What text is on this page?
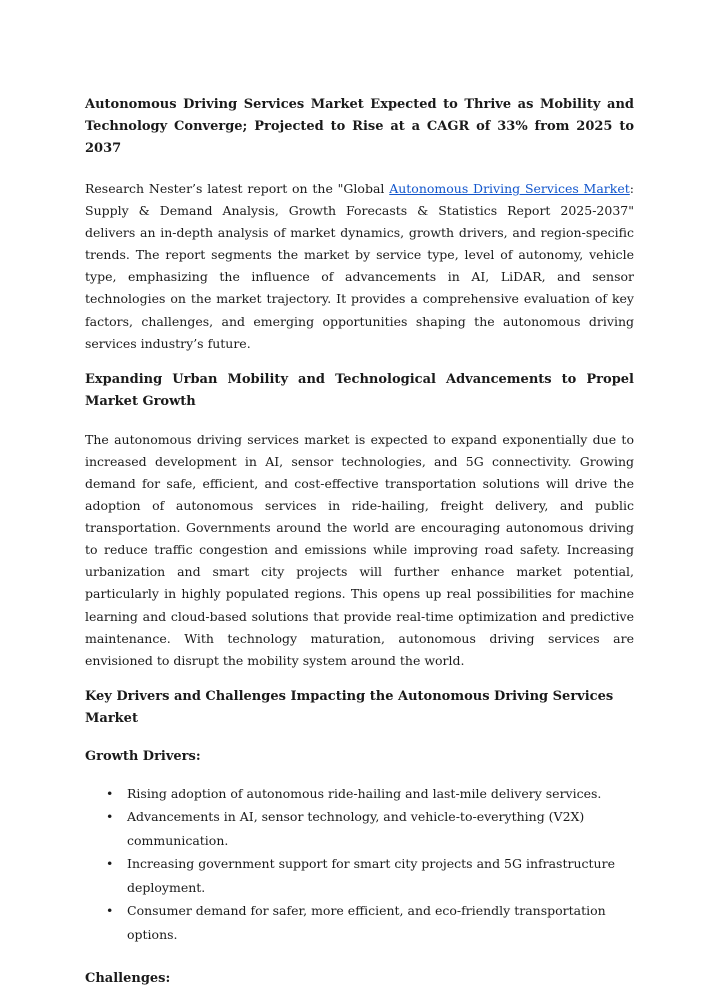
Autonomous Driving Services Market Expected to Thrive as Mobility and Technology Converge; Projected to Rise at a CAGR of 33% from 2025 to 2037

Research Nester’s latest report on the "Global Autonomous Driving Services Market: Supply & Demand Analysis, Growth Forecasts & Statistics Report 2025-2037" delivers an in-depth analysis of market dynamics, growth drivers, and region-specific trends. The report segments the market by service type, level of autonomy, vehicle type, emphasizing the influence of advancements in AI, LiDAR, and sensor technologies on the market trajectory. It provides a comprehensive evaluation of key factors, challenges, and emerging opportunities shaping the autonomous driving services industry’s future.

Expanding Urban Mobility and Technological Advancements to Propel Market Growth

The autonomous driving services market is expected to expand exponentially due to increased development in AI, sensor technologies, and 5G connectivity. Growing demand for safe, efficient, and cost-effective transportation solutions will drive the adoption of autonomous services in ride-hailing, freight delivery, and public transportation. Governments around the world are encouraging autonomous driving to reduce traffic congestion and emissions while improving road safety. Increasing urbanization and smart city projects will further enhance market potential, particularly in highly populated regions. This opens up real possibilities for machine learning and cloud-based solutions that provide real-time optimization and predictive maintenance. With technology maturation, autonomous driving services are envisioned to disrupt the mobility system around the world.

Key Drivers and Challenges Impacting the Autonomous Driving Services Market
Growth Drivers:
• Rising adoption of autonomous ride-hailing and last-mile delivery services.
• Advancements in AI, sensor technology, and vehicle-to-everything (V2X) communication.
• Increasing government support for smart city projects and 5G infrastructure deployment.
• Consumer demand for safer, more efficient, and eco-friendly transportation options.
Challenges:
